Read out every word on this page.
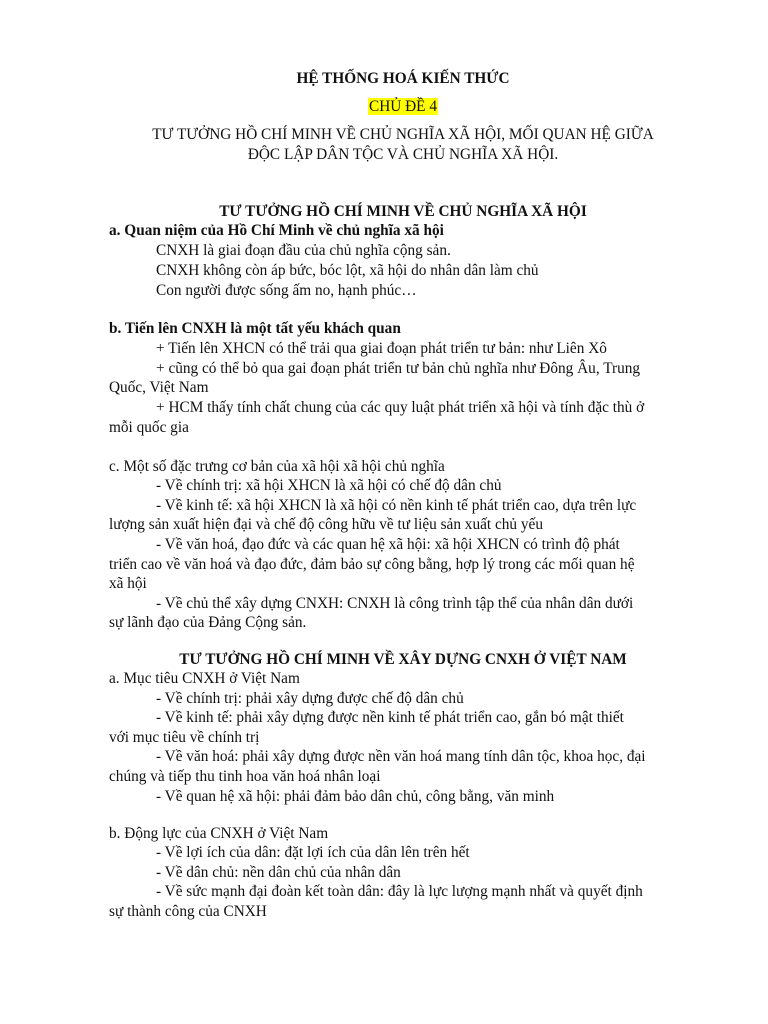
HỆ THỐNG HOÁ KIẾN THỨC
CHỦ ĐỀ 4
TƯ TƯỞNG HỒ CHÍ MINH VỀ CHỦ NGHĨA XÃ HỘI, MỐI QUAN HỆ GIỮA
ĐỘC LẬP DÂN TỘC VÀ CHỦ NGHĨA XÃ HỘI.
TƯ TƯỞNG HỒ CHÍ MINH VỀ CHỦ NGHĨA XÃ HỘI
a. Quan niệm của Hồ Chí Minh về chủ nghĩa xã hội
CNXH là giai đoạn đầu của chủ nghĩa cộng sản.
CNXH không còn áp bức, bóc lột, xã hội do nhân dân làm chủ
Con người được sống ấm no, hạnh phúc…
b. Tiến lên CNXH là một tất yếu khách quan
+ Tiến lên XHCN có thể trải qua giai đoạn phát triển tư bản: như Liên Xô
+ cũng có thể bỏ qua gai đoạn phát triển tư bản chủ nghĩa như Đông Âu, Trung
Quốc, Việt Nam
+ HCM thấy tính chất chung của các quy luật phát triển xã hội và tính đặc thù ở
mỗi quốc gia
c. Một số đặc trưng cơ bản của xã hội xã hội chủ nghĩa
- Về chính trị: xã hội XHCN là xã hội có chế độ dân chủ
- Về kinh tế: xã hội XHCN là xã hội có nền kinh tế phát triển cao, dựa trên lực
lượng sản xuất hiện đại và chế độ công hữu về tư liệu sản xuất chủ yếu
- Về văn hoá, đạo đức và các quan hệ xã hội: xã hội XHCN có trình độ phát
triển cao về văn hoá và đạo đức, đảm bảo sự công bằng, hợp lý trong các mối quan hệ
xã hội
- Về chủ thể xây dựng CNXH: CNXH là công trình tập thể của nhân dân dưới
sự lãnh đạo của Đảng Cộng sản.
TƯ TƯỞNG HỒ CHÍ MINH VỀ XÂY DỰNG CNXH Ở VIỆT NAM
a. Mục tiêu CNXH ở Việt Nam
- Về chính trị: phải xây dựng được chế độ dân chủ
- Về kinh tế: phải xây dựng được nền kinh tế phát triển cao, gắn bó mật thiết
với mục tiêu về chính trị
- Về văn hoá: phải xây dựng được nền văn hoá mang tính dân tộc, khoa học, đại
chúng và tiếp thu tinh hoa văn hoá nhân loại
- Về quan hệ xã hội: phải đảm bảo dân chủ, công bằng, văn minh
b. Động lực của CNXH ở Việt Nam
- Về lợi ích của dân: đặt lợi ích của dân lên trên hết
- Về dân chủ: nền dân chủ của nhân dân
- Về sức mạnh đại đoàn kết toàn dân: đây là lực lượng mạnh nhất và quyết định
sự thành công của CNXH
